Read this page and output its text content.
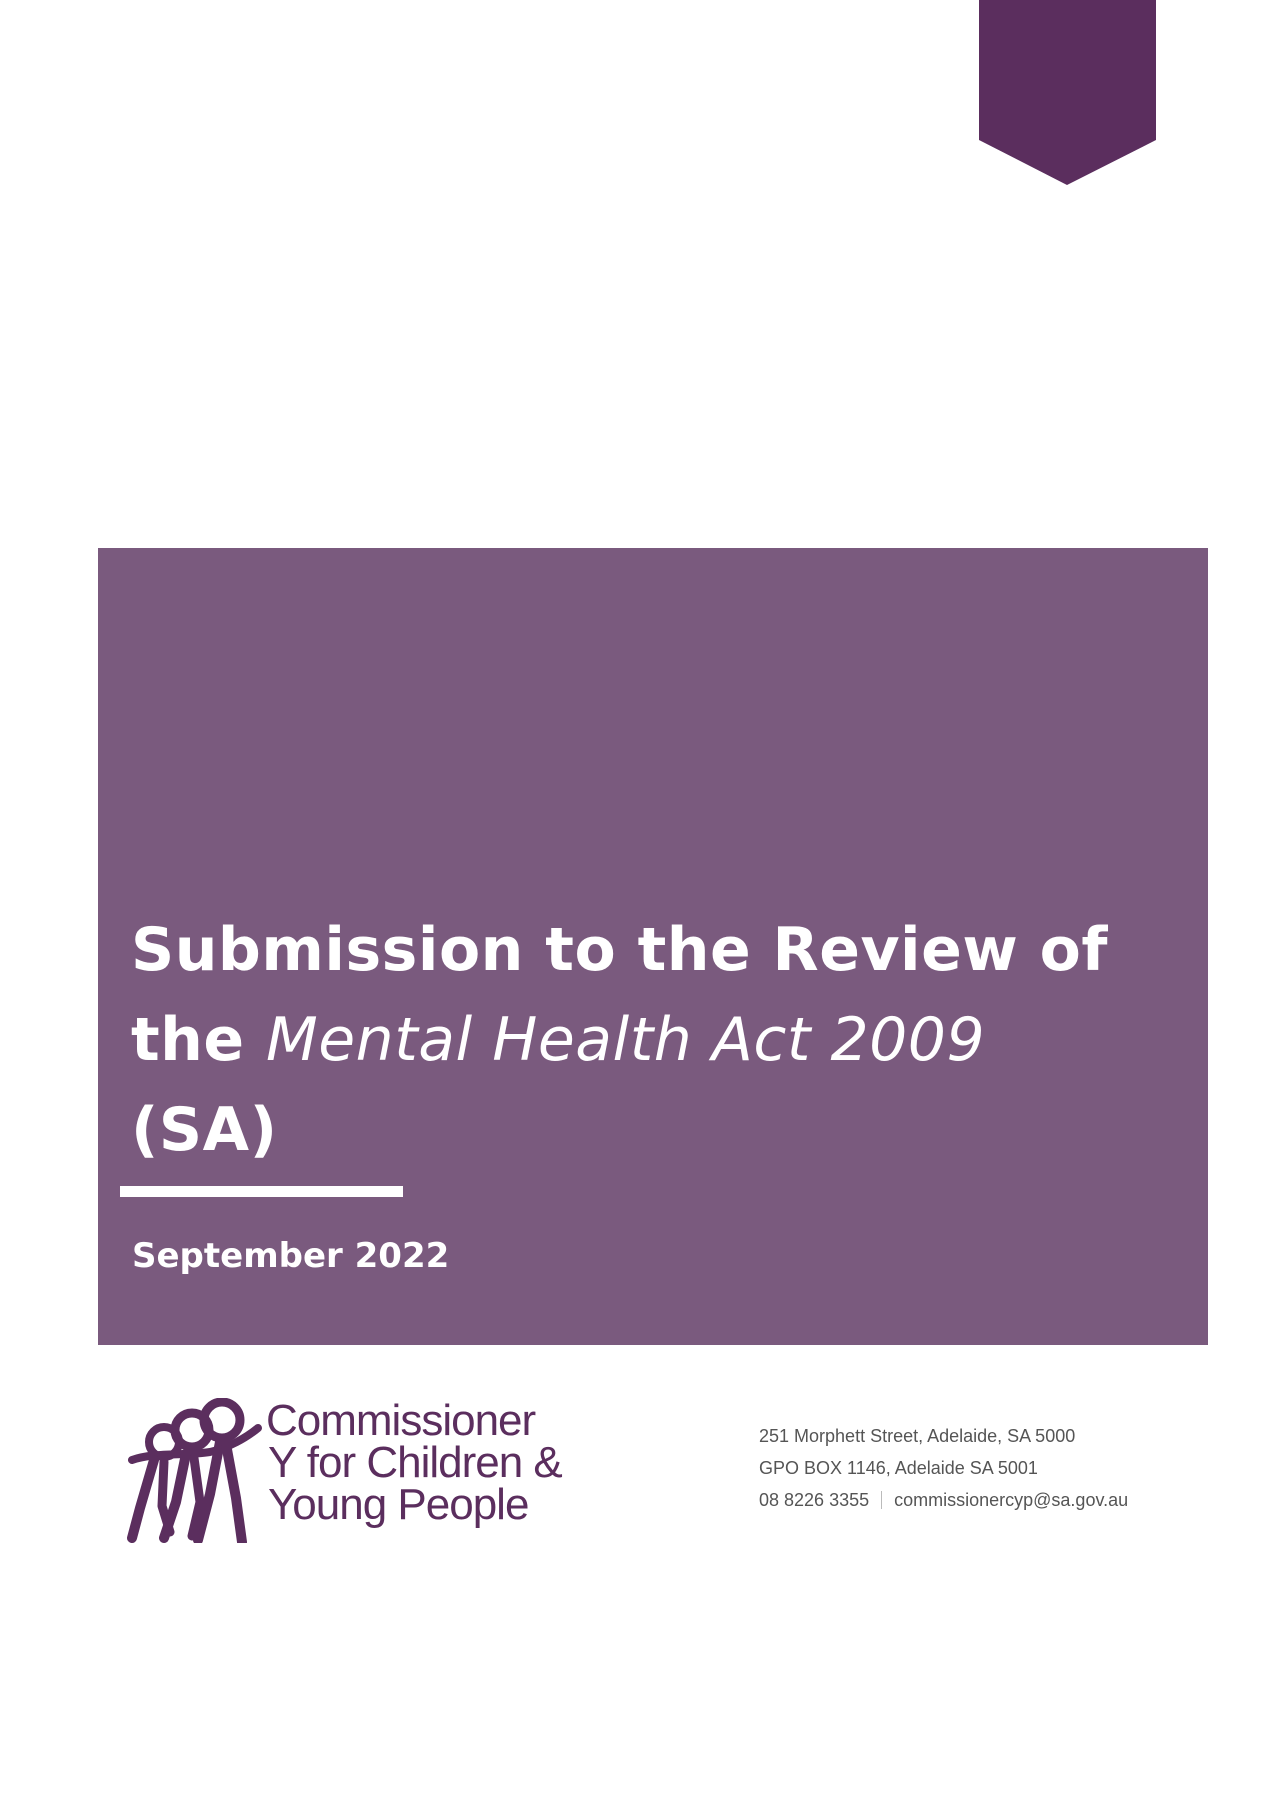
Submission to the Review of
the Mental Health Act 2009
(SA)
September 2022
Commissioner
Y for Children &
Young People
251 Morphett Street, Adelaide, SA 5000
GPO BOX 1146, Adelaide SA 5001
08 8226 3355 commissionercyp@sa.gov.au
